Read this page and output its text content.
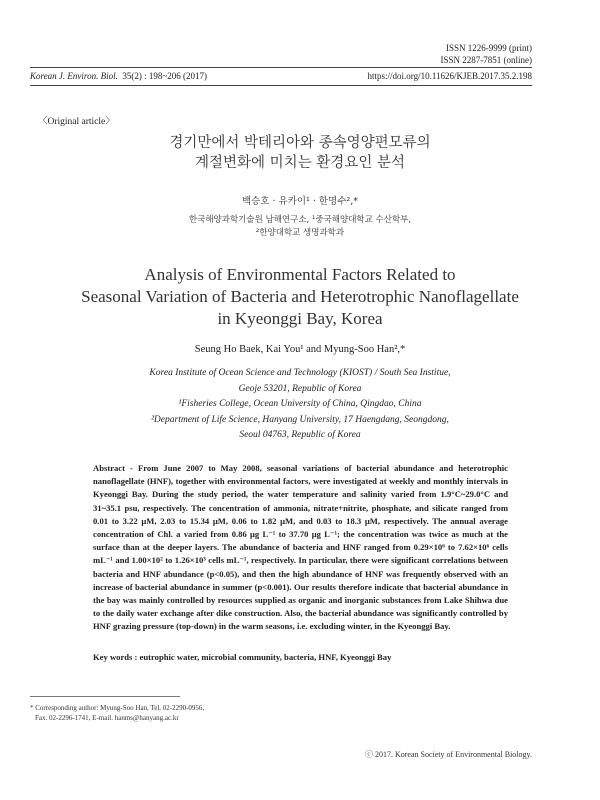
ISSN 1226-9999 (print)
ISSN 2287-7851 (online)
Korean J. Environ. Biol. 35(2) : 198~206 (2017)	https://doi.org/10.11626/KJEB.2017.35.2.198
〈Original article〉
경기만에서 박테리아와 종속영양편모류의
계절변화에 미치는 환경요인 분석
백승호 · 유카이¹ · 한명수²,*
한국해양과학기술원 남해연구소, ¹중국해양대학교 수산학부,
²한양대학교 생명과학과
Analysis of Environmental Factors Related to
Seasonal Variation of Bacteria and Heterotrophic Nanoflagellate
in Kyeonggi Bay, Korea
Seung Ho Baek, Kai You¹ and Myung-Soo Han²,*
Korea Institute of Ocean Science and Technology (KIOST) / South Sea Institue,
Geoje 53201, Republic of Korea
¹Fisheries College, Ocean University of China, Qingdao, China
²Department of Life Science, Hanyang University, 17 Haengdang, Seongdong,
Seoul 04763, Republic of Korea
Abstract - From June 2007 to May 2008, seasonal variations of bacterial abundance and heterotrophic nanoflagellate (HNF), together with environmental factors, were investigated at weekly and monthly intervals in Kyeonggi Bay. During the study period, the water temperature and salinity varied from 1.9°C~29.0°C and 31~35.1 psu, respectively. The concentration of ammonia, nitrate+nitrite, phosphate, and silicate ranged from 0.01 to 3.22 μM, 2.03 to 15.34 μM, 0.06 to 1.82 μM, and 0.03 to 18.3 μM, respectively. The annual average concentration of Chl. a varied from 0.86 μg L⁻¹ to 37.70 μg L⁻¹; the concentration was twice as much at the surface than at the deeper layers. The abundance of bacteria and HNF ranged from 0.29×10⁶ to 7.62×10⁶ cells mL⁻¹ and 1.00×10² to 1.26×10³ cells mL⁻¹, respectively. In particular, there were significant correlations between bacteria and HNF abundance (p<0.05), and then the high abundance of HNF was frequently observed with an increase of bacterial abundance in summer (p<0.001). Our results therefore indicate that bacterial abundance in the bay was mainly controlled by resources supplied as organic and inorganic substances from Lake Shihwa due to the daily water exchange after dike construction. Also, the bacterial abundance was significantly controlled by HNF grazing pressure (top-down) in the warm seasons, i.e. excluding winter, in the Kyeonggi Bay.
Key words : eutrophic water, microbial community, bacteria, HNF, Kyeonggi Bay
* Corresponding author: Myung-Soo Han, Tel. 02-2290-0956,
Fax. 02-2296-1741, E-mail. hanms@hanyang.ac.kr
ⓒ 2017. Korean Society of Environmental Biology.
